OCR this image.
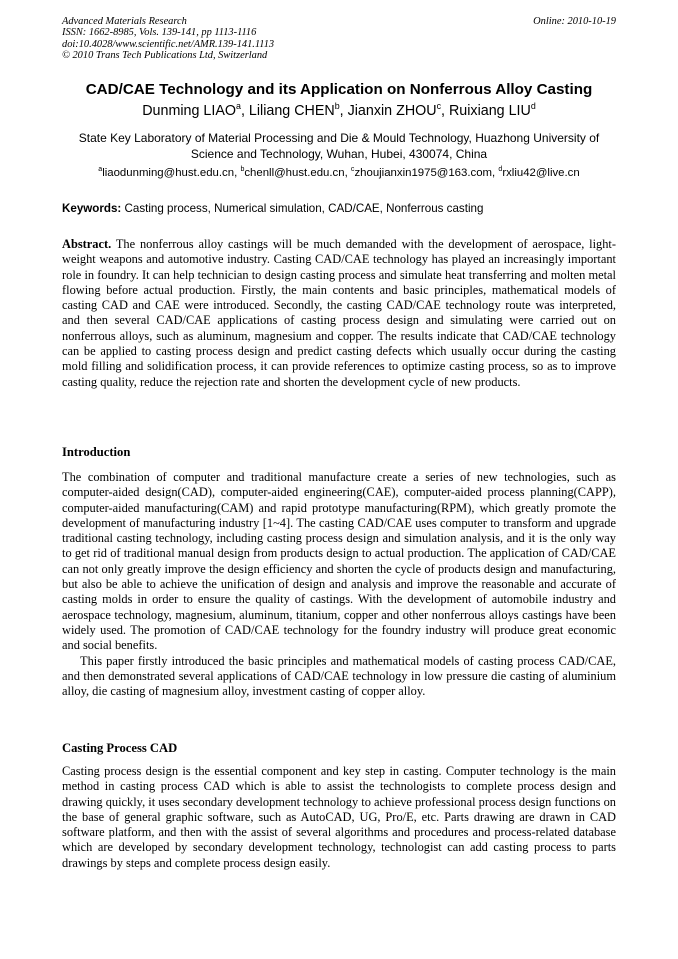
Advanced Materials Research
ISSN: 1662-8985, Vols. 139-141, pp 1113-1116
doi:10.4028/www.scientific.net/AMR.139-141.1113
© 2010 Trans Tech Publications Ltd, Switzerland
Online: 2010-10-19
CAD/CAE Technology and its Application on Nonferrous Alloy Casting
Dunming LIAO$^a$, Liliang CHEN$^b$, Jianxin ZHOU$^c$, Ruixiang LIU$^d$
State Key Laboratory of Material Processing and Die & Mould Technology, Huazhong University of Science and Technology, Wuhan, Hubei, 430074, China
$^a$liaodunming@hust.edu.cn, $^b$chenll@hust.edu.cn, $^c$zhoujianxin1975@163.com, $^d$rxliu42@live.cn
Keywords: Casting process, Numerical simulation, CAD/CAE, Nonferrous casting

Abstract. The nonferrous alloy castings will be much demanded with the development of aerospace, light-weight weapons and automotive industry. Casting CAD/CAE technology has played an increasingly important role in foundry. It can help technician to design casting process and simulate heat transferring and molten metal flowing before actual production. Firstly, the main contents and basic principles, mathematical models of casting CAD and CAE were introduced. Secondly, the casting CAD/CAE technology route was interpreted, and then several CAD/CAE applications of casting process design and simulating were carried out on nonferrous alloys, such as aluminum, magnesium and copper. The results indicate that CAD/CAE technology can be applied to casting process design and predict casting defects which usually occur during the casting mold filling and solidification process, it can provide references to optimize casting process, so as to improve casting quality, reduce the rejection rate and shorten the development cycle of new products.

Introduction

The combination of computer and traditional manufacture create a series of new technologies, such as computer-aided design(CAD), computer-aided engineering(CAE), computer-aided process planning(CAPP), computer-aided manufacturing(CAM) and rapid prototype manufacturing(RPM), which greatly promote the development of manufacturing industry [1~4]. The casting CAD/CAE uses computer to transform and upgrade traditional casting technology, including casting process design and simulation analysis, and it is the only way to get rid of traditional manual design from products design to actual production. The application of CAD/CAE can not only greatly improve the design efficiency and shorten the cycle of products design and manufacturing, but also be able to achieve the unification of design and analysis and improve the reasonable and accurate of casting molds in order to ensure the quality of castings. With the development of automobile industry and aerospace technology, magnesium, aluminum, titanium, copper and other nonferrous alloys castings have been widely used. The promotion of CAD/CAE technology for the foundry industry will produce great economic and social benefits.

This paper firstly introduced the basic principles and mathematical models of casting process CAD/CAE, and then demonstrated several applications of CAD/CAE technology in low pressure die casting of aluminium alloy, die casting of magnesium alloy, investment casting of copper alloy.

Casting Process CAD

Casting process design is the essential component and key step in casting. Computer technology is the main method in casting process CAD which is able to assist the technologists to complete process design and drawing quickly, it uses secondary development technology to achieve professional process design functions on the base of general graphic software, such as AutoCAD, UG, Pro/E, etc. Parts drawing are drawn in CAD software platform, and then with the assist of several algorithms and procedures and process-related database which are developed by secondary development technology, technologist can add casting process to parts drawings by steps and complete process design easily.
